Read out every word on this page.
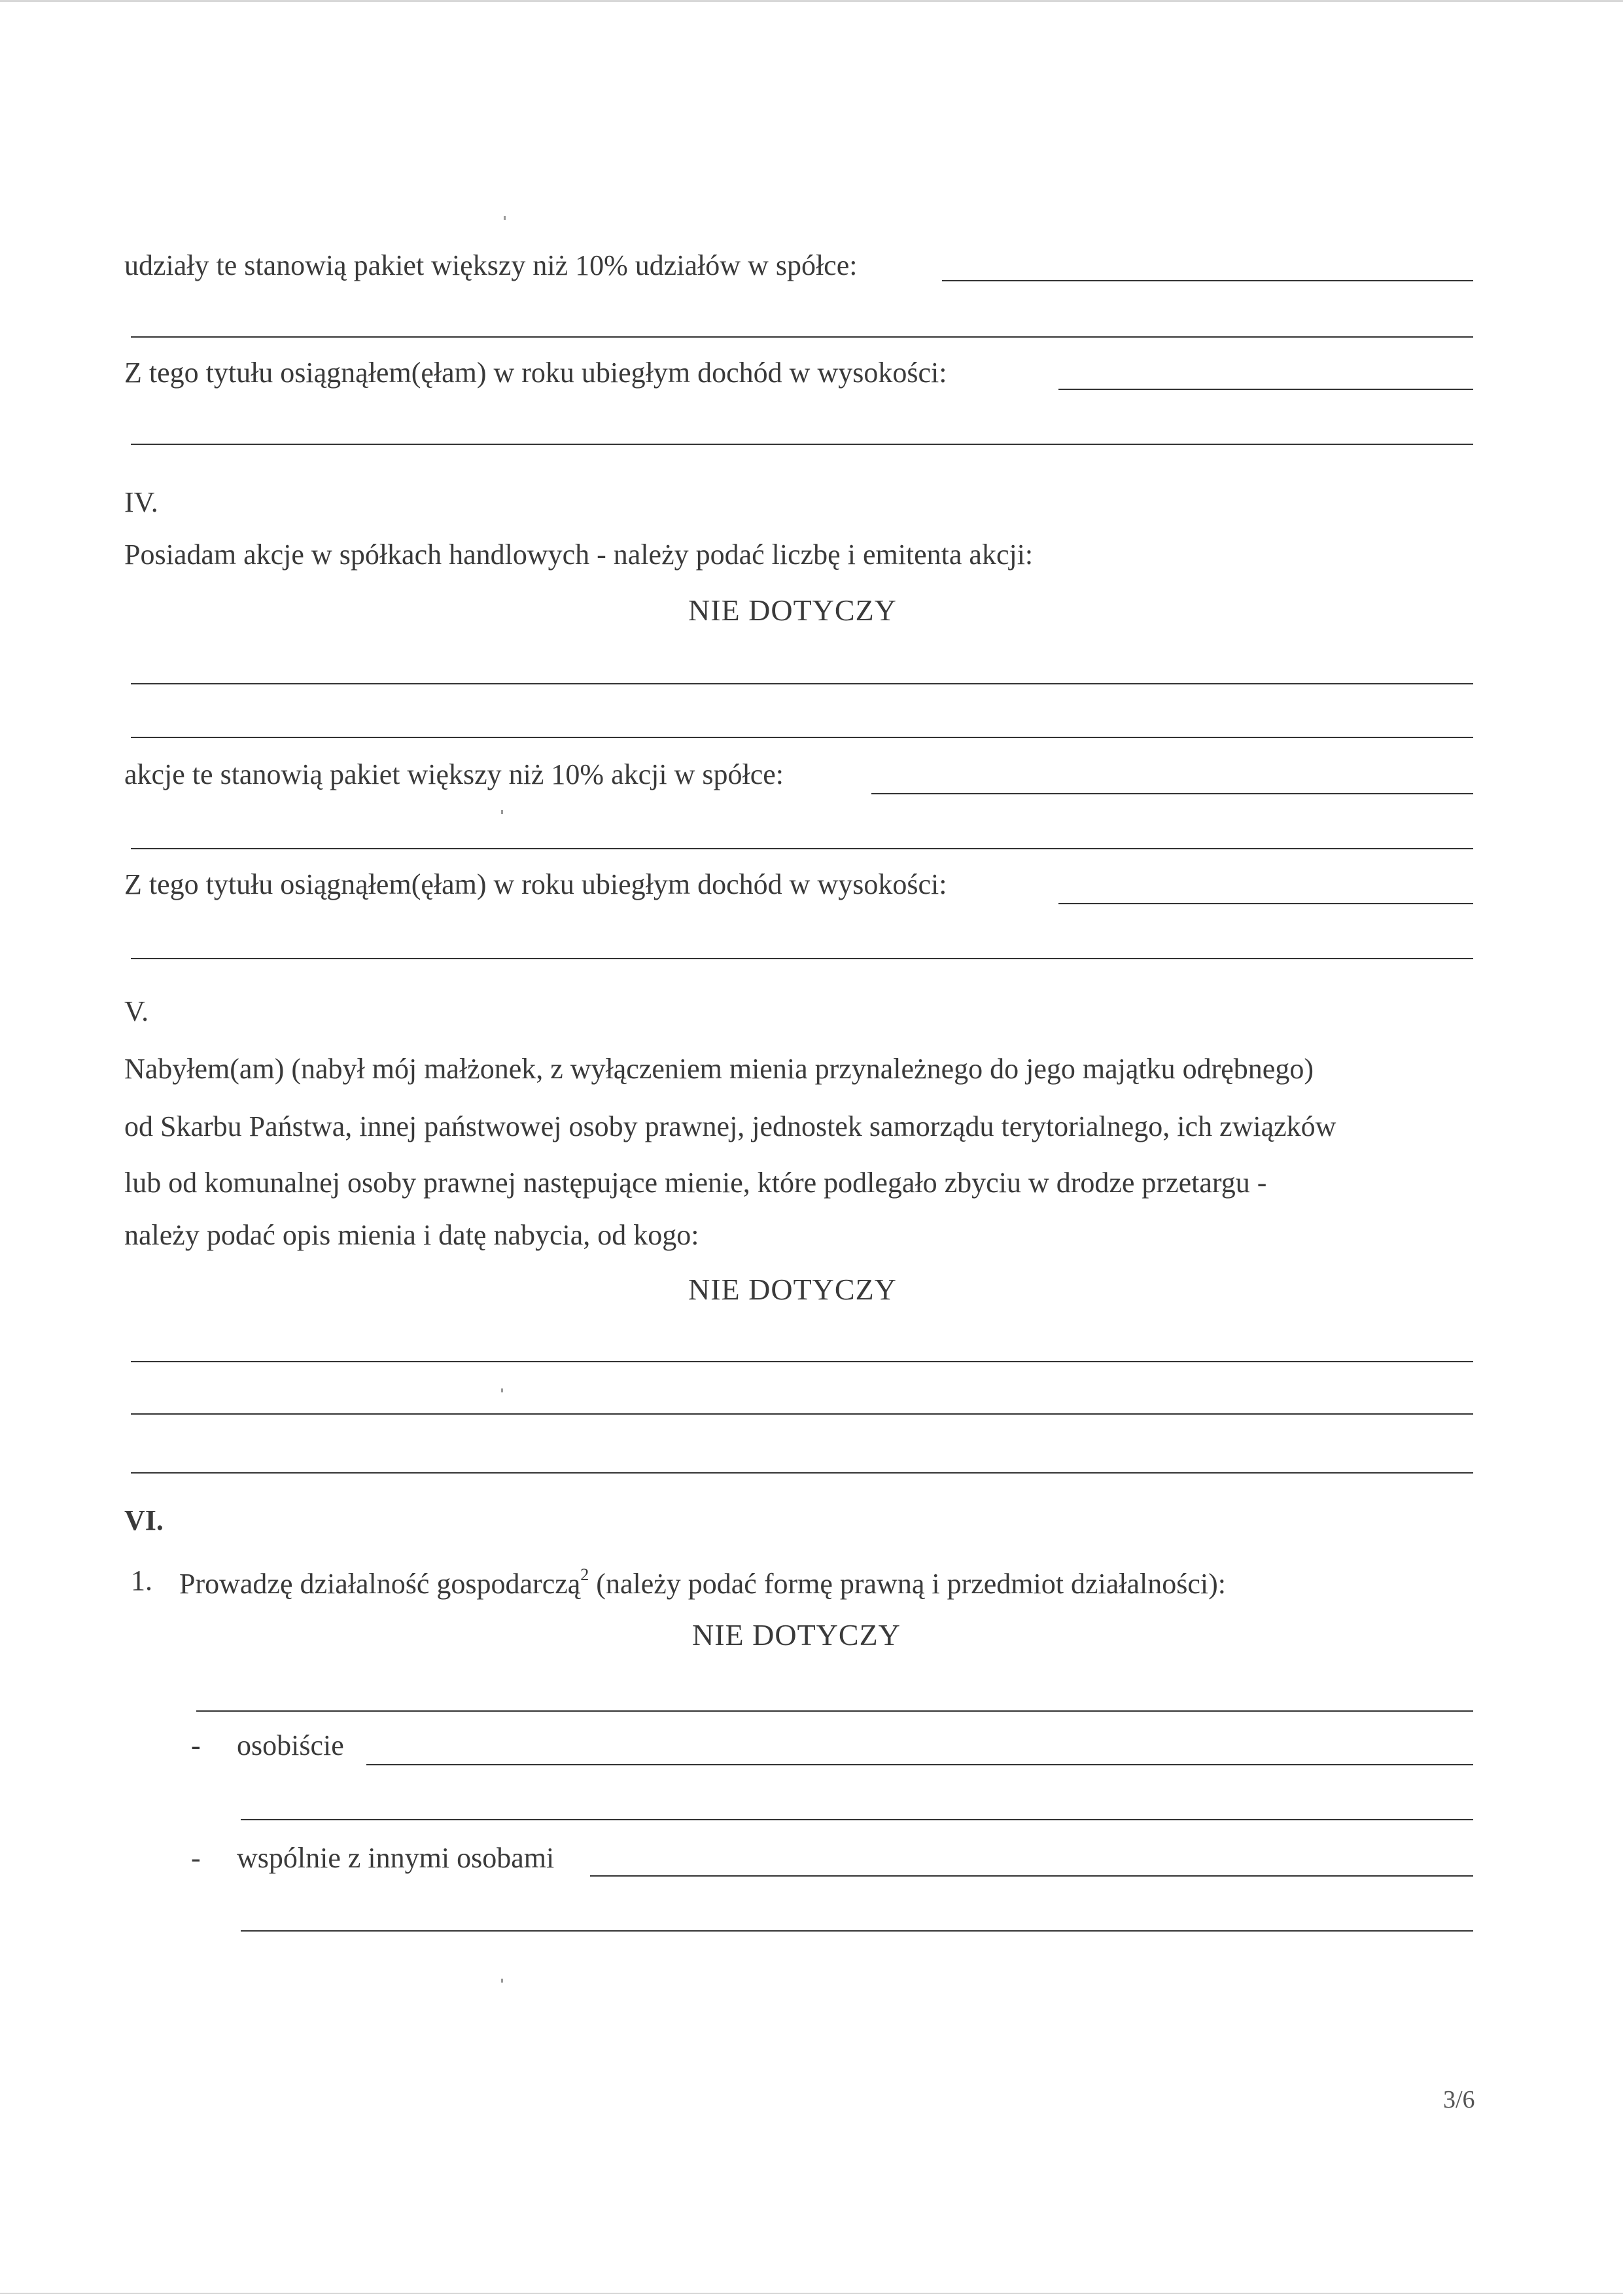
udziały te stanowią pakiet większy niż 10% udziałów w spółce:
Z tego tytułu osiągnąłem(ęłam) w roku ubiegłym dochód w wysokości:
IV.
Posiadam akcje w spółkach handlowych - należy podać liczbę i emitenta akcji:
NIE DOTYCZY
akcje te stanowią pakiet większy niż 10% akcji w spółce:
Z tego tytułu osiągnąłem(ęłam) w roku ubiegłym dochód w wysokości:
V.
Nabyłem(am) (nabył mój małżonek, z wyłączeniem mienia przynależnego do jego majątku odrębnego)
od Skarbu Państwa, innej państwowej osoby prawnej, jednostek samorządu terytorialnego, ich związków
lub od komunalnej osoby prawnej następujące mienie, które podlegało zbyciu w drodze przetargu -
należy podać opis mienia i datę nabycia, od kogo:
NIE DOTYCZY
VI.
1. Prowadzę działalność gospodarczą$^2$ (należy podać formę prawną i przedmiot działalności):
NIE DOTYCZY
- osobiście
- wspólnie z innymi osobami
3/6
